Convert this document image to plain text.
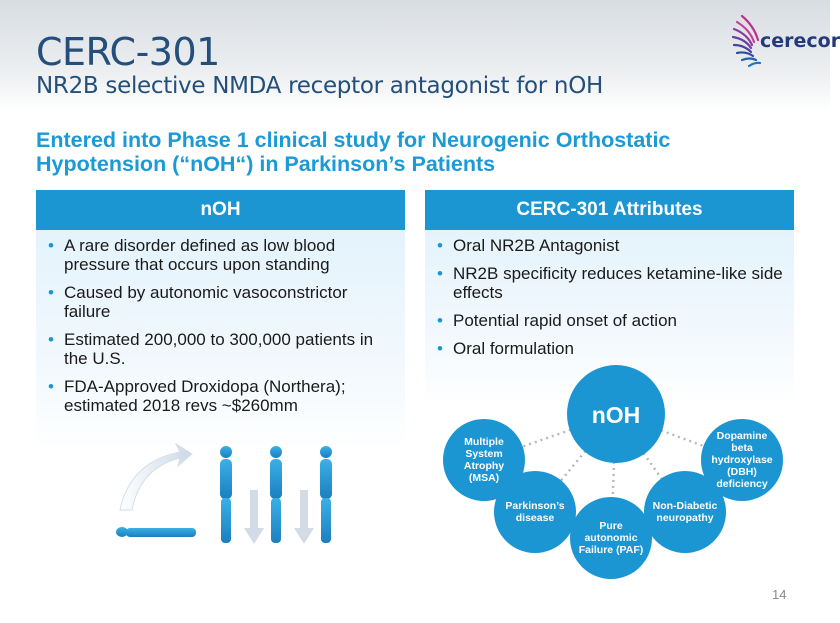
CERC-301
NR2B selective NMDA receptor antagonist for nOH
cerecor
Entered into Phase 1 clinical study for Neurogenic Orthostatic Hypotension (“nOH“) in Parkinson’s Patients
nOH
• A rare disorder defined as low blood pressure that occurs upon standing
• Caused by autonomic vasoconstrictor failure
• Estimated 200,000 to 300,000 patients in the U.S.
• FDA-Approved Droxidopa (Northera); estimated 2018 revs ~$260mm
CERC-301 Attributes
• Oral NR2B Antagonist
• NR2B specificity reduces ketamine-like side effects
• Potential rapid onset of action
• Oral formulation
nOH
Multiple System Atrophy (MSA)
Parkinson’s disease
Pure autonomic Failure (PAF)
Non-Diabetic neuropathy
Dopamine beta hydroxylase (DBH) deficiency
14
